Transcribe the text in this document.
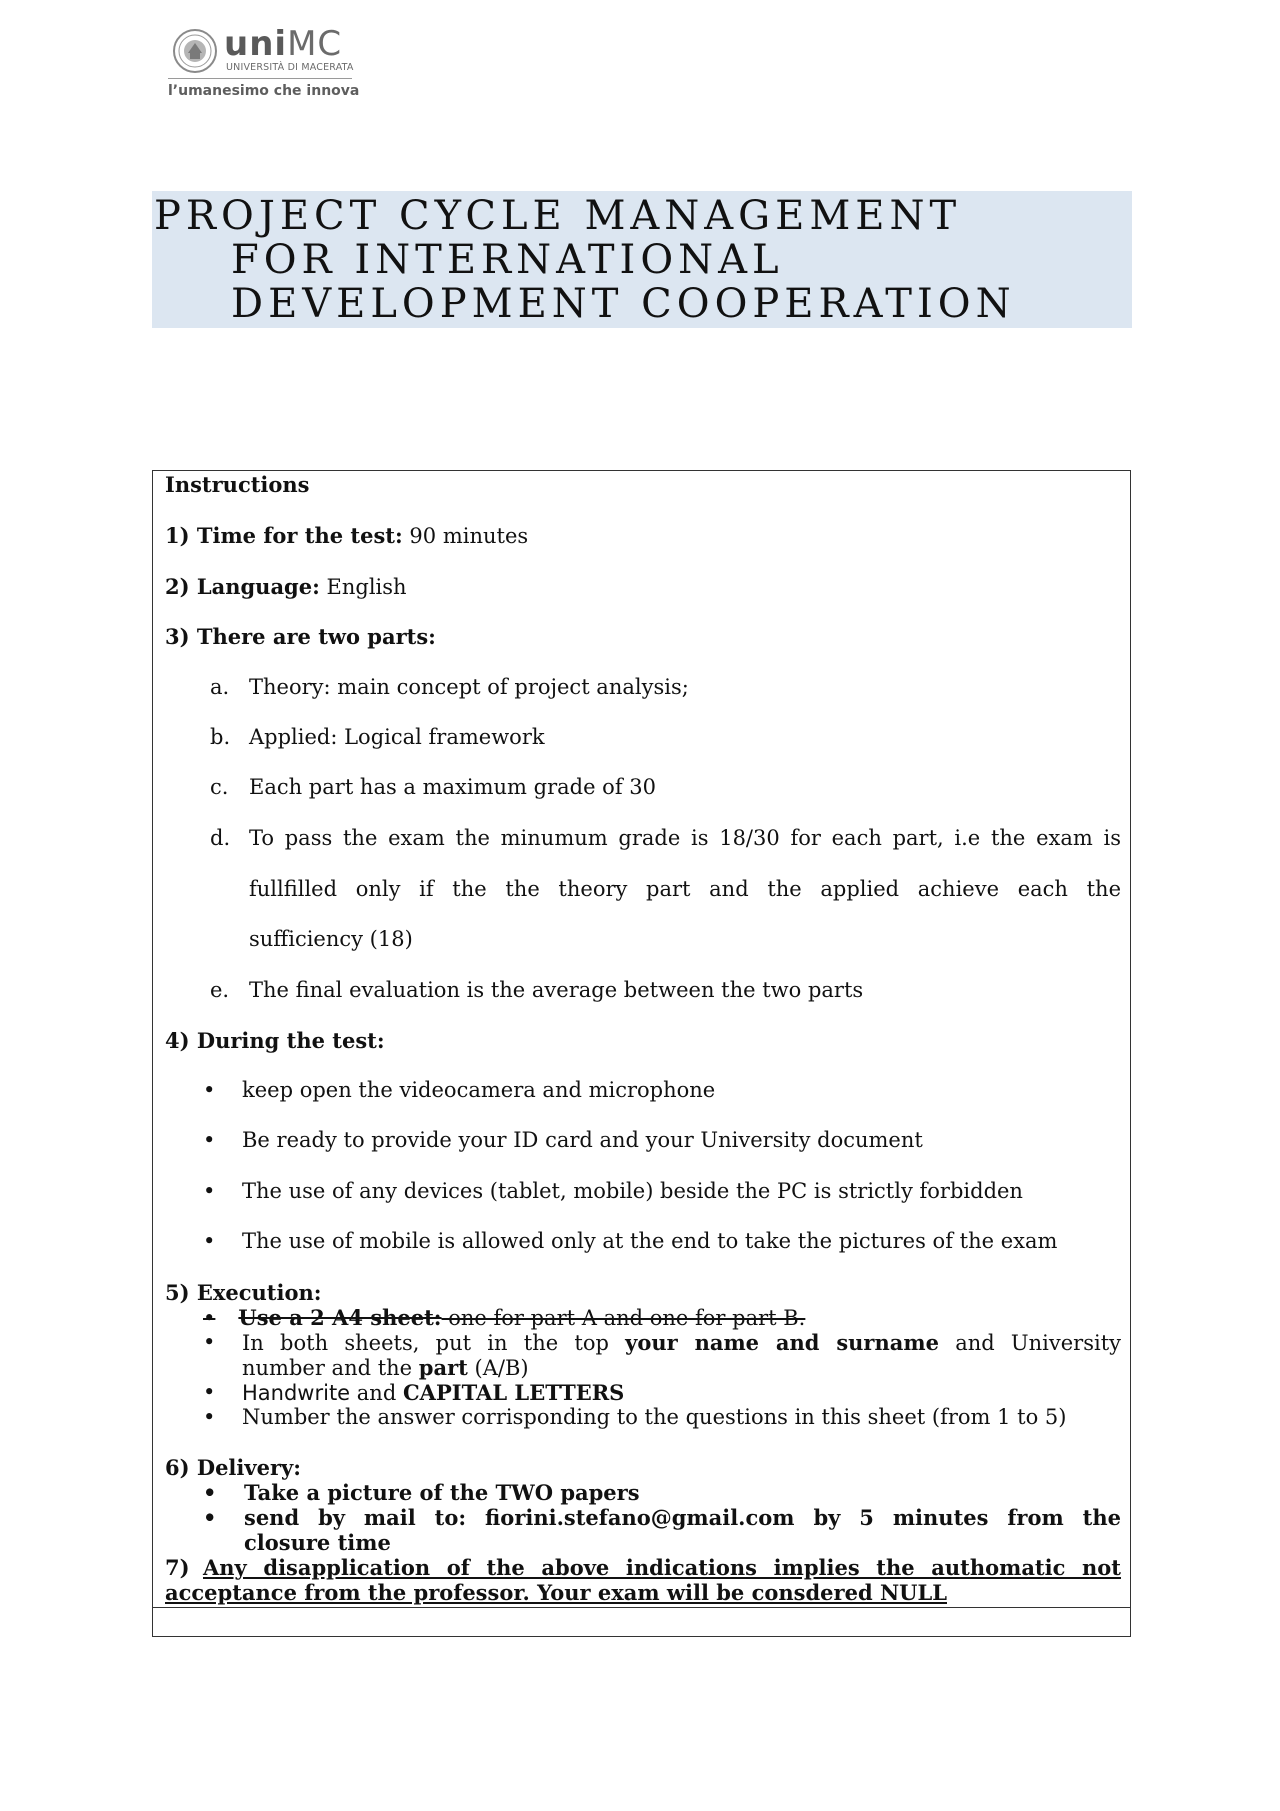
uniMC
UNIVERSITÀ DI MACERATA
l’umanesimo che innova
PROJECT CYCLE MANAGEMENT
FOR INTERNATIONAL
DEVELOPMENT COOPERATION
Instructions
1) Time for the test: 90 minutes
2) Language: English
3) There are two parts:
a. Theory: main concept of project analysis;
b. Applied: Logical framework
c. Each part has a maximum grade of 30
d. To pass the exam the minumum grade is 18/30 for each part, i.e the exam is
fullfilled only if the the theory part and the applied achieve each the
sufficiency (18)
e. The final evaluation is the average between the two parts
4) During the test:
• keep open the videocamera and microphone
• Be ready to provide your ID card and your University document
• The use of any devices (tablet, mobile) beside the PC is strictly forbidden
• The use of mobile is allowed only at the end to take the pictures of the exam
5) Execution:
• Use a 2 A4 sheet: one for part A and one for part B.
• In both sheets, put in the top your name and surname and University
number and the part (A/B)
• Handwrite and CAPITAL LETTERS
• Number the answer corrisponding to the questions in this sheet (from 1 to 5)
6) Delivery:
• Take a picture of the TWO papers
• send by mail to: fiorini.stefano@gmail.com by 5 minutes from the
closure time
7) Any disapplication of the above indications implies the authomatic not
acceptance from the professor. Your exam will be consdered NULL
